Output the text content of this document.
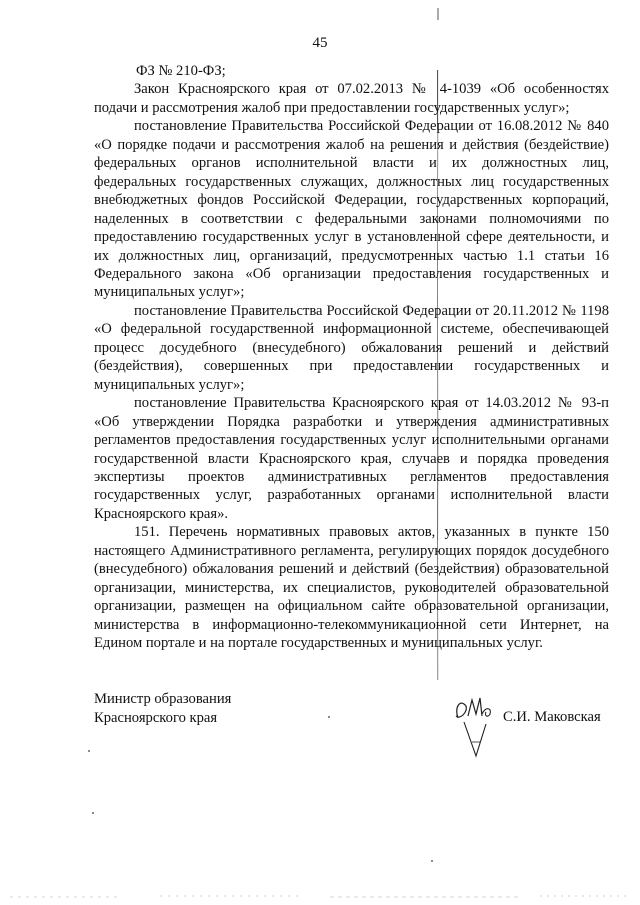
45

ФЗ № 210-ФЗ;

Закон Красноярского края от 07.02.2013 № 4-1039 «Об особенностях подачи и рассмотрения жалоб при предоставлении государственных услуг»;

постановление Правительства Российской Федерации от 16.08.2012 № 840 «О порядке подачи и рассмотрения жалоб на решения и действия (бездействие) федеральных органов исполнительной власти и их должностных лиц, федеральных государственных служащих, должностных лиц государственных внебюджетных фондов Российской Федерации, государственных корпораций, наделенных в соответствии с федеральными законами полномочиями по предоставлению государственных услуг в установленной сфере деятельности, и их должностных лиц, организаций, предусмотренных частью 1.1 статьи 16 Федерального закона «Об организации предоставления государственных и муниципальных услуг»;

постановление Правительства Российской Федерации от 20.11.2012 № 1198 «О федеральной государственной информационной системе, обеспечивающей процесс досудебного (внесудебного) обжалования решений и действий (бездействия), совершенных при предоставлении государственных и муниципальных услуг»;

постановление Правительства Красноярского края от 14.03.2012 № 93-п «Об утверждении Порядка разработки и утверждения административных регламентов предоставления государственных услуг исполнительными органами государственной власти Красноярского края, случаев и порядка проведения экспертизы проектов административных регламентов предоставления государственных услуг, разработанных органами исполнительной власти Красноярского края».

151. Перечень нормативных правовых актов, указанных в пункте 150 настоящего Административного регламента, регулирующих порядок досудебного (внесудебного) обжалования решений и действий (бездействия) образовательной организации, министерства, их специалистов, руководителей образовательной организации, размещен на официальном сайте образовательной организации, министерства в информационно-телекоммуникационной сети Интернет, на Едином портале и на портале государственных и муниципальных услуг.

Министр образования
Красноярского края	С.И. Маковская
